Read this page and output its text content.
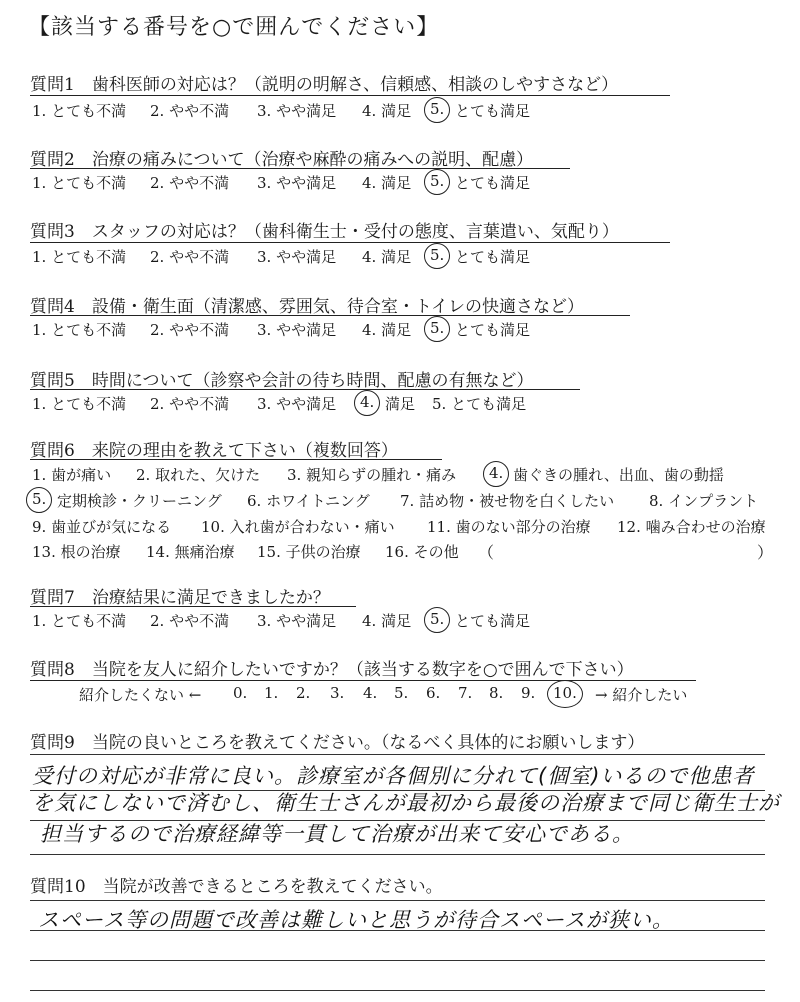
【該当する番号を○で囲んでください】
質問1　歯科医師の対応は？（説明の明解さ、信頼感、相談のしやすさなど）
1. とても不満 2. やや不満 3. やや満足 4. 満足 5. とても満足
質問2　治療の痛みについて（治療や麻酔の痛みへの説明、配慮）
1. とても不満 2. やや不満 3. やや満足 4. 満足 5. とても満足
質問3　スタッフの対応は？（歯科衛生士・受付の態度、言葉遣い、気配り）
1. とても不満 2. やや不満 3. やや満足 4. 満足 5. とても満足
質問4　設備・衛生面（清潔感、雰囲気、待合室・トイレの快適さなど）
1. とても不満 2. やや不満 3. やや満足 4. 満足 5. とても満足
質問5　時間について（診察や会計の待ち時間、配慮の有無など）
1. とても不満 2. やや不満 3. やや満足 4. 満足 5. とても満足
質問6　来院の理由を教えて下さい（複数回答）
1. 歯が痛い 2. 取れた、欠けた 3. 親知らずの腫れ・痛み 4. 歯ぐきの腫れ、出血、歯の動揺
5. 定期検診・クリーニング 6. ホワイトニング 7. 詰め物・被せ物を白くしたい 8. インプラント
9. 歯並びが気になる 10. 入れ歯が合わない・痛い 11. 歯のない部分の治療 12. 噛み合わせの治療
13. 根の治療 14. 無痛治療 15. 子供の治療 16. その他 （	）
質問7　治療結果に満足できましたか？
1. とても不満 2. やや不満 3. やや満足 4. 満足 5. とても満足
質問8　当院を友人に紹介したいですか？（該当する数字を○で囲んで下さい）
紹介したくない ← 0. 1. 2. 3. 4. 5. 6. 7. 8. 9. 10. → 紹介したい
質問9　当院の良いところを教えてください。（なるべく具体的にお願いします）
受付の対応が非常に良い。診療室が各個別に分れて(個室)いるので他患者
を気にしないで済むし、衛生士さんが最初から最後の治療まで同じ衛生士が
担当するので治療経緯等一貫して治療が出来て安心である。
質問10　当院が改善できるところを教えてください。
スペース等の問題で改善は難しいと思うが待合スペースが狭い。
